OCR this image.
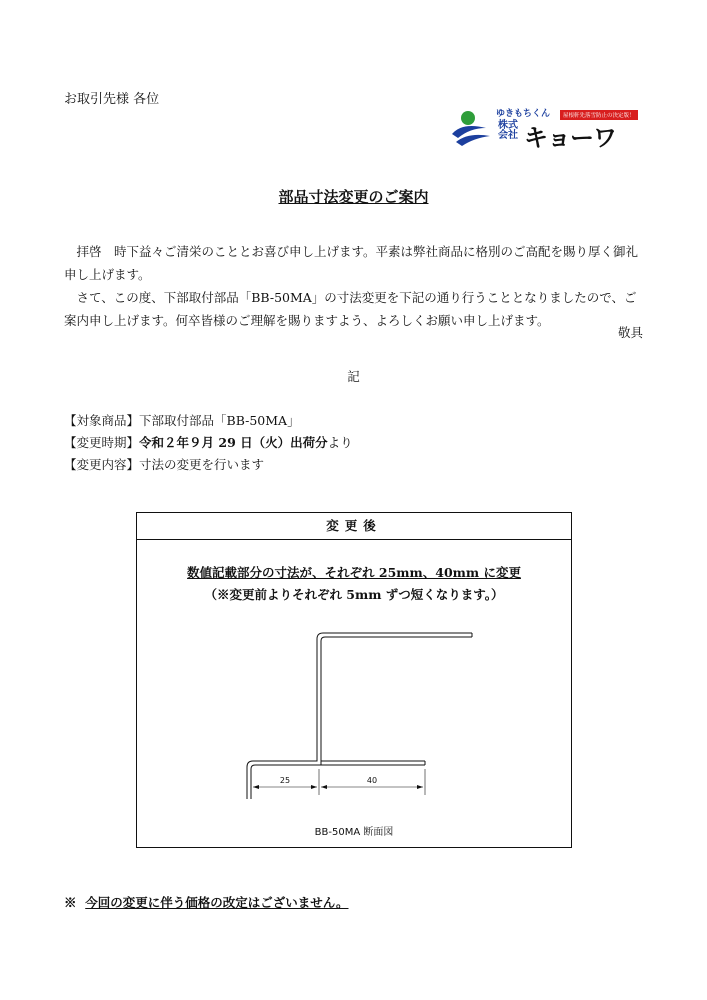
お取引先様 各位
ゆきもちくん	屋根軒先落雪防止の決定版！
株式会社 キョーワ
部品寸法変更のご案内

拝啓　時下益々ご清栄のこととお喜び申し上げます。平素は弊社商品に格別のご高配を賜り厚く御礼申し上げます。

さて、この度、下部取付部品「BB-50MA」の寸法変更を下記の通り行うこととなりましたので、ご案内申し上げます。何卒皆様のご理解を賜りますよう、よろしくお願い申し上げます。

敬具
記
【対象商品】下部取付部品「BB-50MA」
【変更時期】令和２年９月 29 日（火）出荷分より
【変更内容】寸法の変更を行います
変更後
数値記載部分の寸法が、それぞれ 25mm、40mm に変更
（※変更前よりそれぞれ 5mm ずつ短くなります。）
25	40
BB-50MA 断面図
※ 今回の変更に伴う価格の改定はございません。
